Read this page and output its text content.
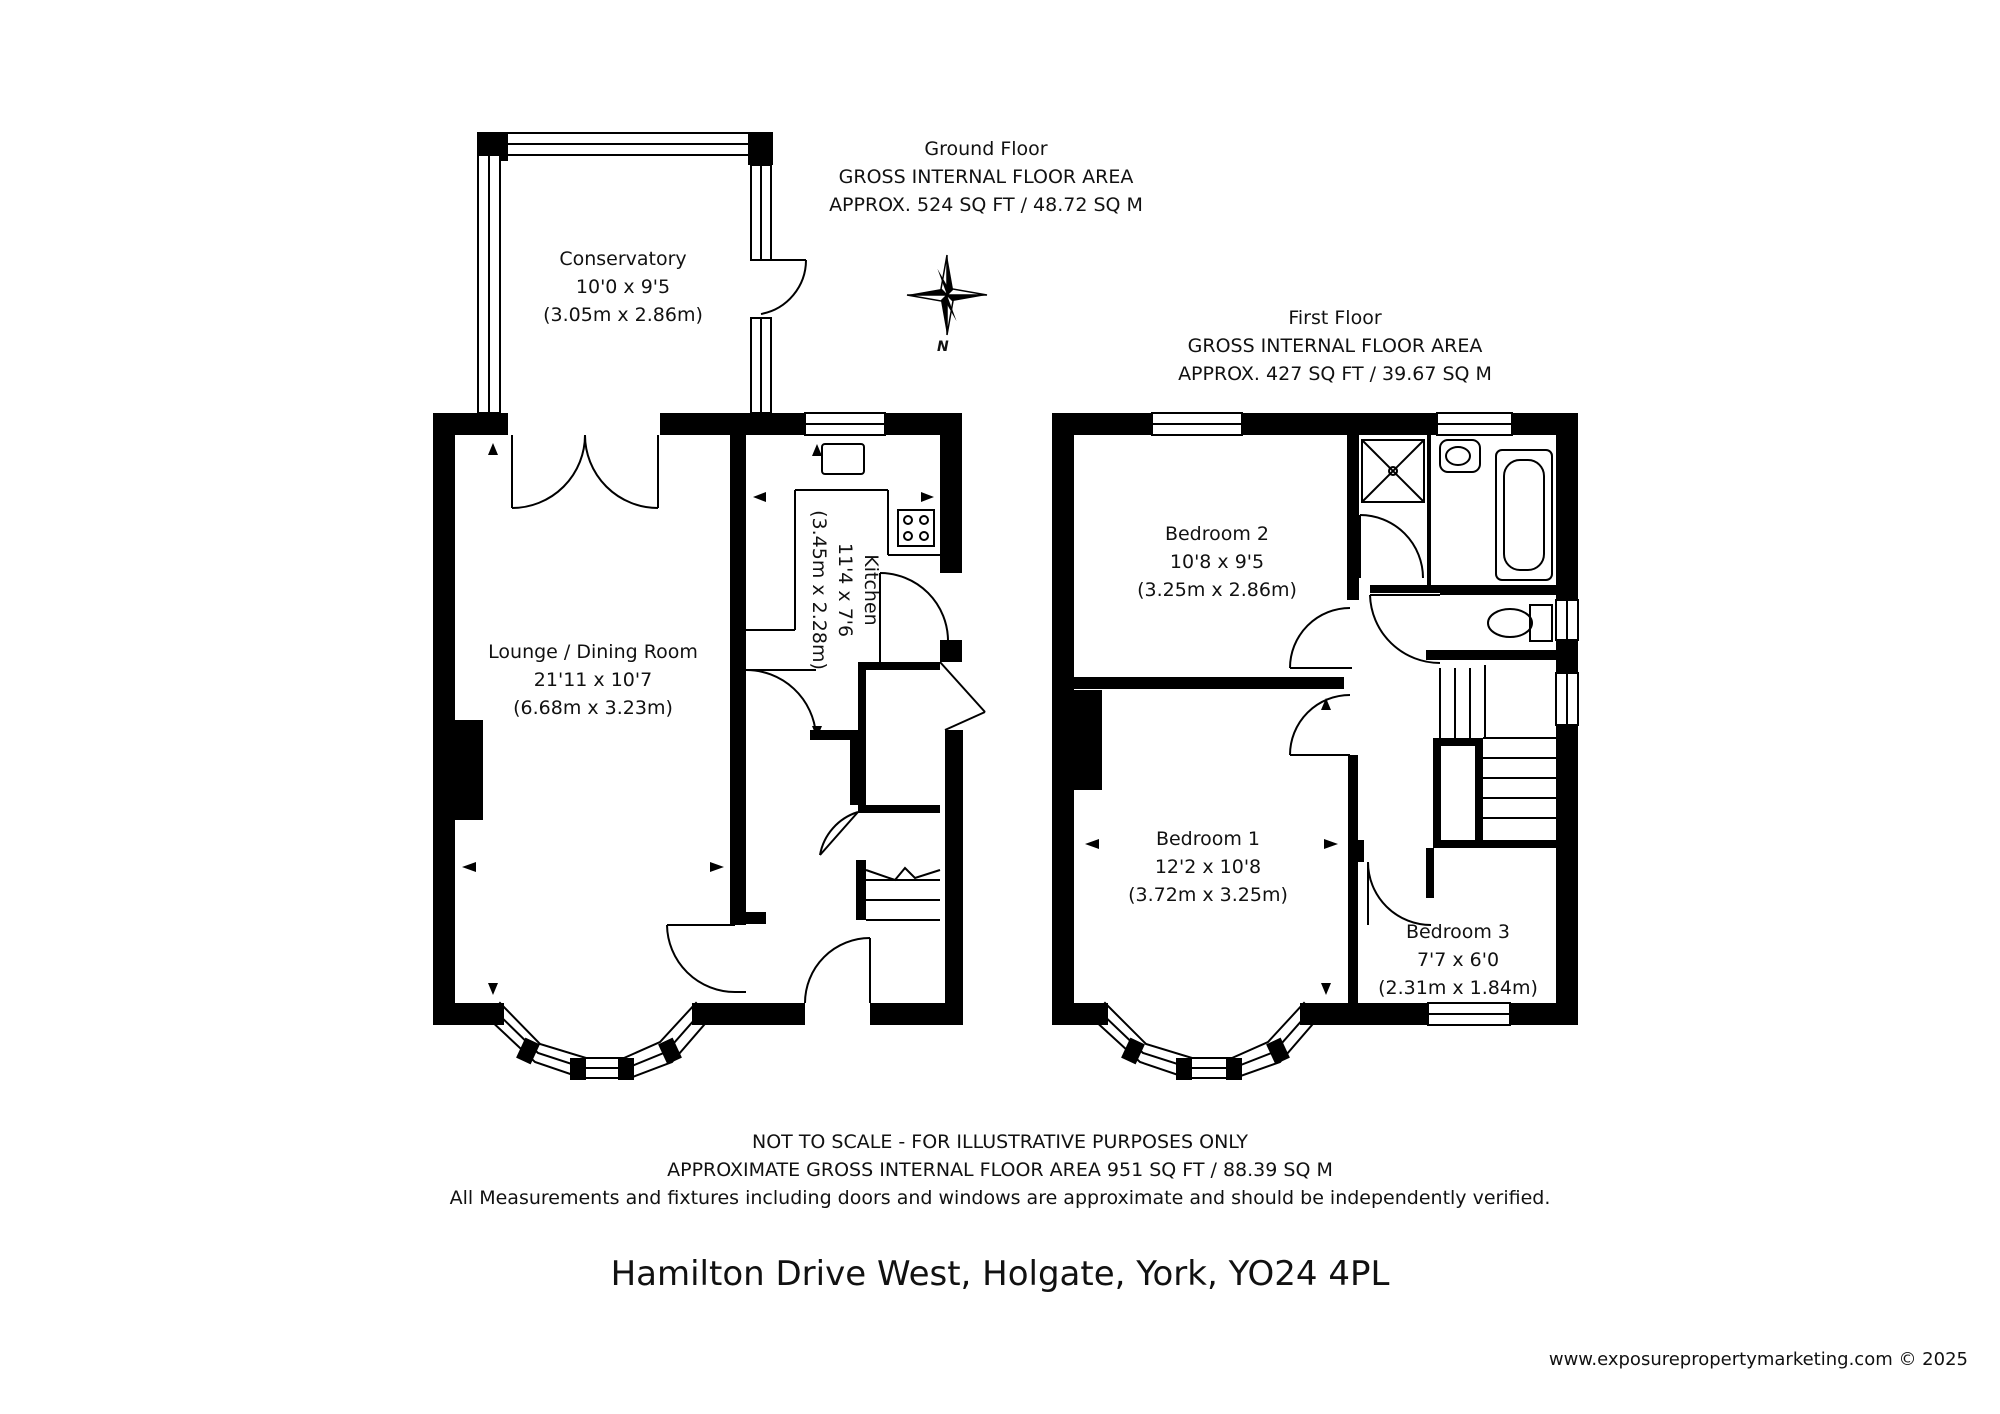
N
Ground Floor
GROSS INTERNAL FLOOR AREA
APPROX. 524 SQ FT / 48.72 SQ M
First Floor
GROSS INTERNAL FLOOR AREA
APPROX. 427 SQ FT / 39.67 SQ M
Conservatory
10'0 x 9'5
(3.05m x 2.86m)
Lounge / Dining Room
21'11 x 10'7
(6.68m x 3.23m)
Kitchen
11'4 x 7'6
(3.45m x 2.28m)	Bedroom 2
10'8 x 9'5
(3.25m x 2.86m)
Bedroom 1
12'2 x 10'8
(3.72m x 3.25m)
Bedroom 3
7'7 x 6'0
(2.31m x 1.84m)
NOT TO SCALE - FOR ILLUSTRATIVE PURPOSES ONLY
APPROXIMATE GROSS INTERNAL FLOOR AREA 951 SQ FT / 88.39 SQ M
All Measurements and fixtures including doors and windows are approximate and should be independently verified.
Hamilton Drive West, Holgate, York, YO24 4PL
www.exposurepropertymarketing.com © 2025
